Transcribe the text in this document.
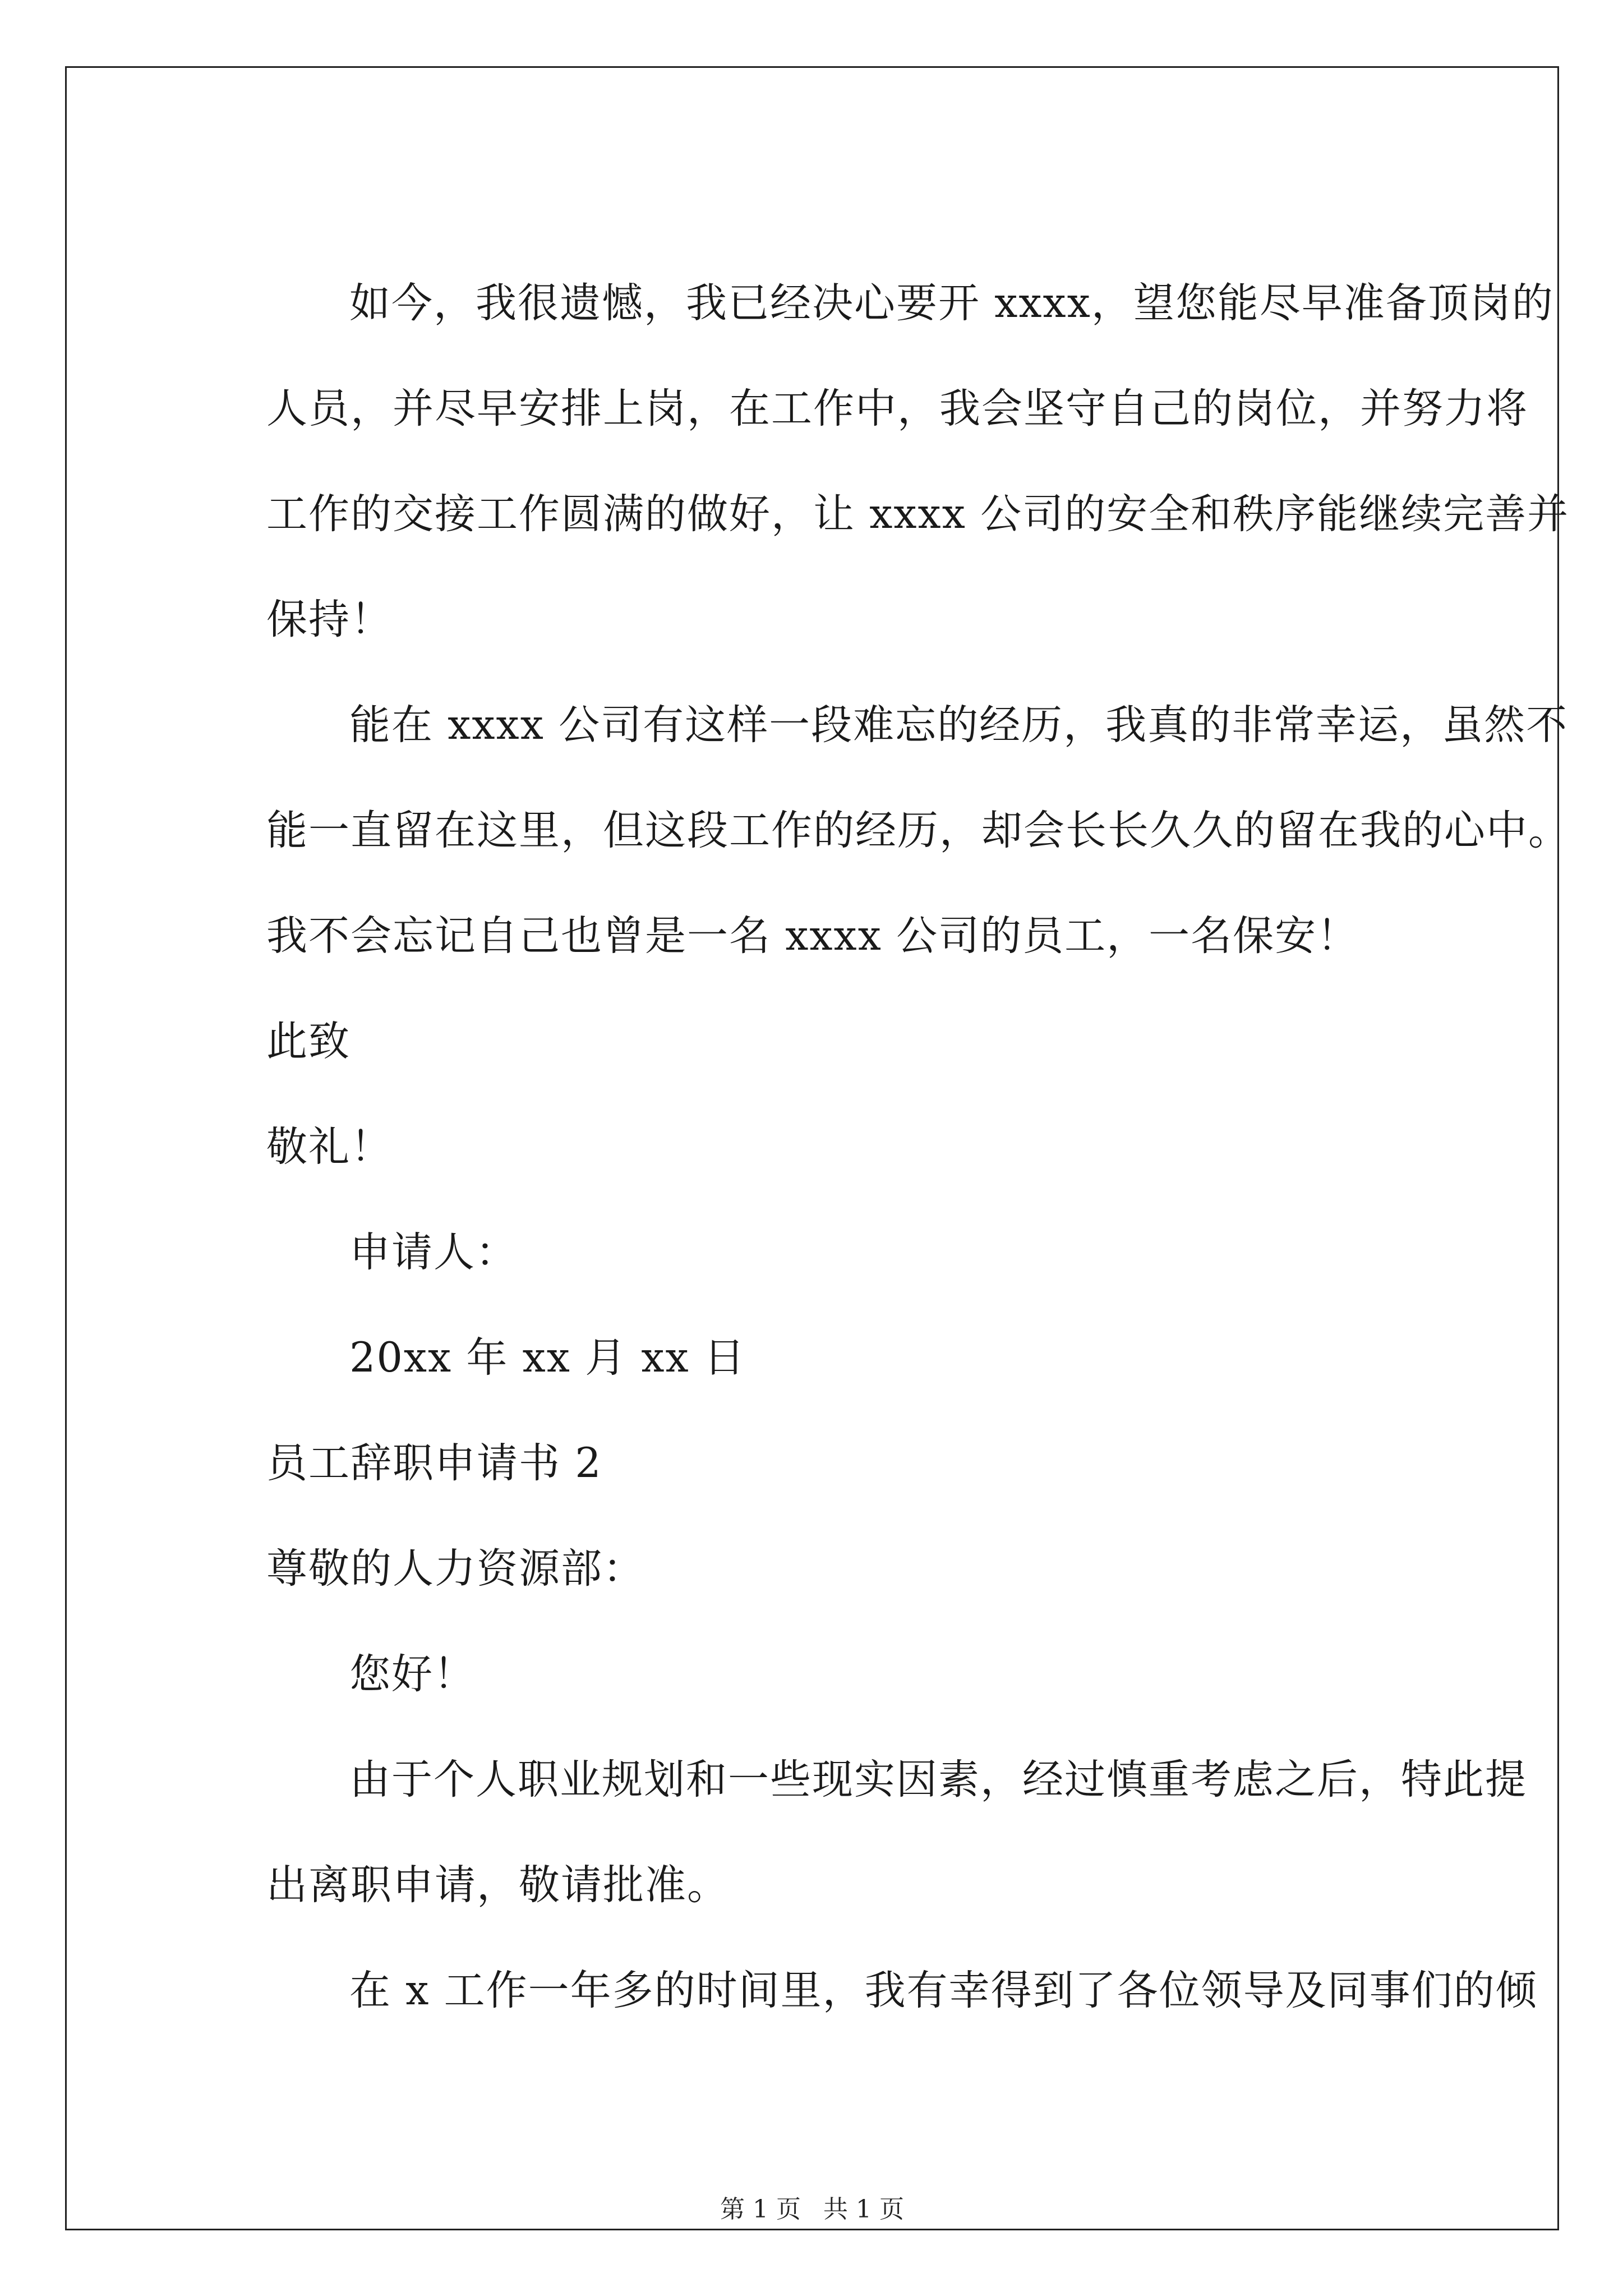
如今，我很遗憾，我已经决心要开 xxxx，望您能尽早准备顶岗的
人员，并尽早安排上岗，在工作中，我会坚守自己的岗位，并努力将
工作的交接工作圆满的做好，让 xxxx 公司的安全和秩序能继续完善并
保持！
能在 xxxx 公司有这样一段难忘的经历，我真的非常幸运，虽然不
能一直留在这里，但这段工作的经历，却会长长久久的留在我的心中。
我不会忘记自己也曾是一名 xxxx 公司的员工，一名保安！
此致
敬礼！
申请人：
20xx 年 xx 月 xx 日
员工辞职申请书 2
尊敬的人力资源部：
您好！
由于个人职业规划和一些现实因素，经过慎重考虑之后，特此提
出离职申请，敬请批准。
在 x 工作一年多的时间里，我有幸得到了各位领导及同事们的倾
第 1 页 共 1 页
